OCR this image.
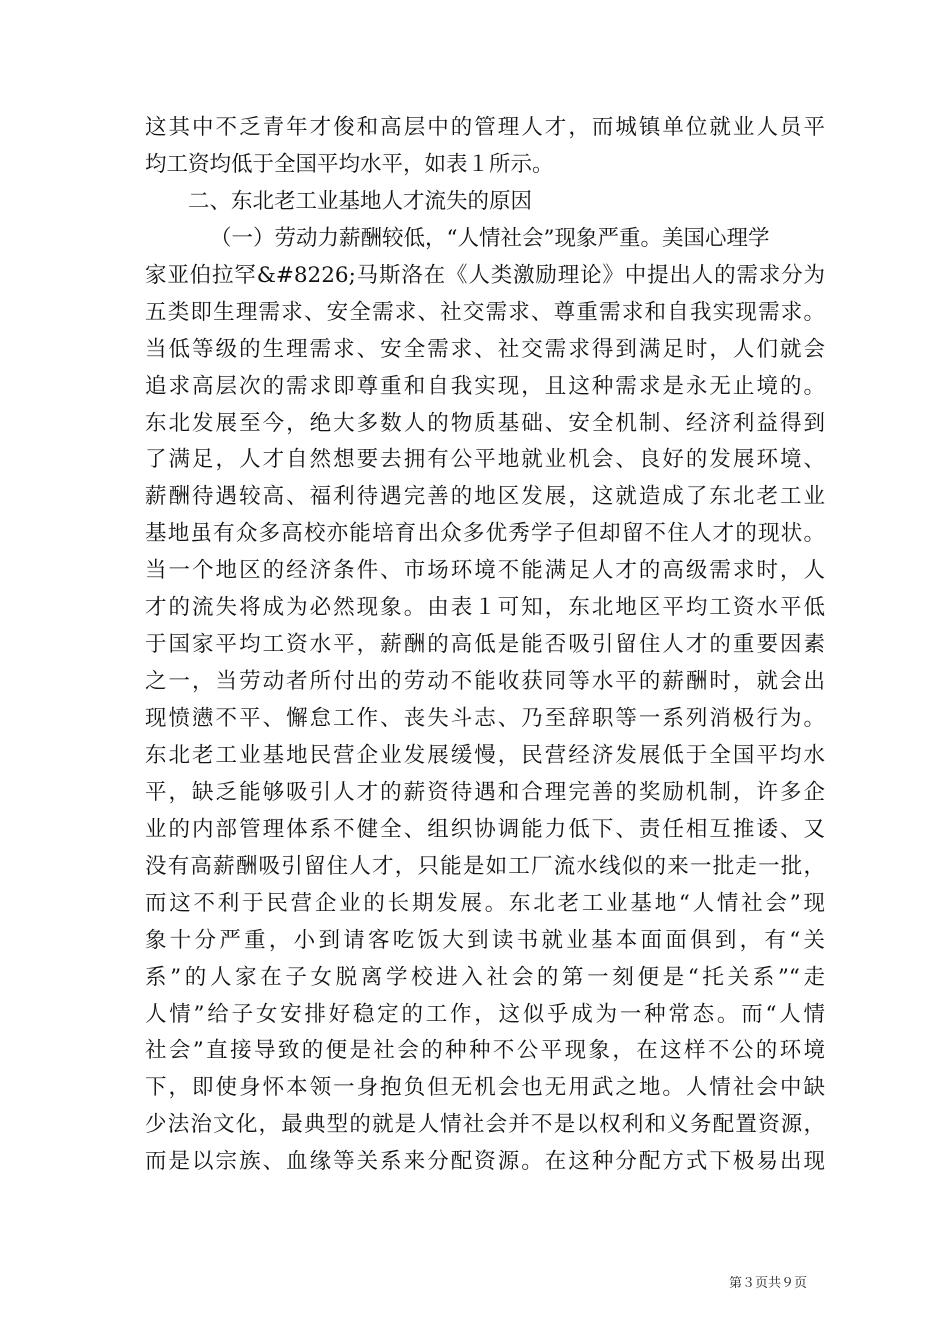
这其中不乏青年才俊和高层中的管理人才，而城镇单位就业人员平
均工资均低于全国平均水平，如表１所示。
二、东北老工业基地人才流失的原因
（一）劳动力薪酬较低，“人情社会”现象严重。美国心理学
家亚伯拉罕&#8226;马斯洛在《人类激励理论》中提出人的需求分为
五类即生理需求、安全需求、社交需求、尊重需求和自我实现需求。
当低等级的生理需求、安全需求、社交需求得到满足时，人们就会
追求高层次的需求即尊重和自我实现，且这种需求是永无止境的。
东北发展至今，绝大多数人的物质基础、安全机制、经济利益得到
了满足，人才自然想要去拥有公平地就业机会、良好的发展环境、
薪酬待遇较高、福利待遇完善的地区发展，这就造成了东北老工业
基地虽有众多高校亦能培育出众多优秀学子但却留不住人才的现状。
当一个地区的经济条件、市场环境不能满足人才的高级需求时，人
才的流失将成为必然现象。由表１可知，东北地区平均工资水平低
于国家平均工资水平，薪酬的高低是能否吸引留住人才的重要因素
之一，当劳动者所付出的劳动不能收获同等水平的薪酬时，就会出
现愤懑不平、懈怠工作、丧失斗志、乃至辞职等一系列消极行为。
东北老工业基地民营企业发展缓慢，民营经济发展低于全国平均水
平，缺乏能够吸引人才的薪资待遇和合理完善的奖励机制，许多企
业的内部管理体系不健全、组织协调能力低下、责任相互推诿、又
没有高薪酬吸引留住人才，只能是如工厂流水线似的来一批走一批，
而这不利于民营企业的长期发展。东北老工业基地“人情社会”现
象十分严重，小到请客吃饭大到读书就业基本面面俱到，有“关
系”的人家在子女脱离学校进入社会的第一刻便是“托关系”“走
人情”给子女安排好稳定的工作，这似乎成为一种常态。而“人情
社会”直接导致的便是社会的种种不公平现象，在这样不公的环境
下，即使身怀本领一身抱负但无机会也无用武之地。人情社会中缺
少法治文化，最典型的就是人情社会并不是以权利和义务配置资源，
而是以宗族、血缘等关系来分配资源。在这种分配方式下极易出现
第３页共９页
